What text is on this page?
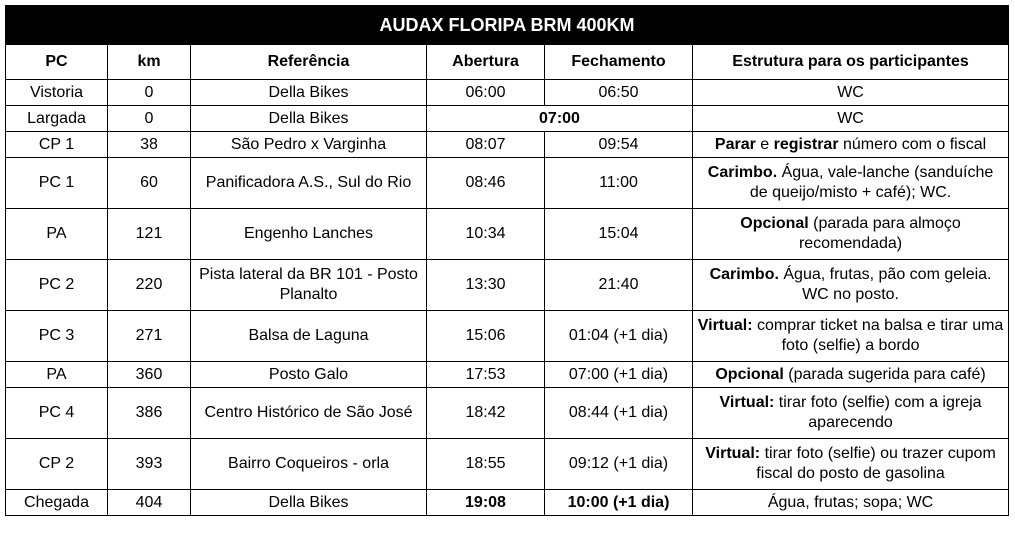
AUDAX FLORIPA BRM 400KM					
PC	km	Referência	Abertura	Fechamento	Estrutura para os participantes
Vistoria	0	Della Bikes	06:00	06:50	WC
Largada	0	Della Bikes	07:00		WC
CP 1	38	São Pedro x Varginha	08:07	09:54	Parar e registrar número com o fiscal
PC 1	60	Panificadora A.S., Sul do Rio	08:46	11:00	Carimbo. Água, vale-lanche (sanduíche de queijo/misto + café); WC.
PA	121	Engenho Lanches	10:34	15:04	Opcional (parada para almoço recomendada)
PC 2	220	Pista lateral da BR 101 - Posto Planalto	13:30	21:40	Carimbo. Água, frutas, pão com geleia. WC no posto.
PC 3	271	Balsa de Laguna	15:06	01:04 (+1 dia)	Virtual: comprar ticket na balsa e tirar uma foto (selfie) a bordo
PA	360	Posto Galo	17:53	07:00 (+1 dia)	Opcional (parada sugerida para café)
PC 4	386	Centro Histórico de São José	18:42	08:44 (+1 dia)	Virtual: tirar foto (selfie) com a igreja aparecendo
CP 2	393	Bairro Coqueiros - orla	18:55	09:12 (+1 dia)	Virtual: tirar foto (selfie) ou trazer cupom fiscal do posto de gasolina
Chegada	404	Della Bikes	19:08	10:00 (+1 dia)	Água, frutas; sopa; WC
